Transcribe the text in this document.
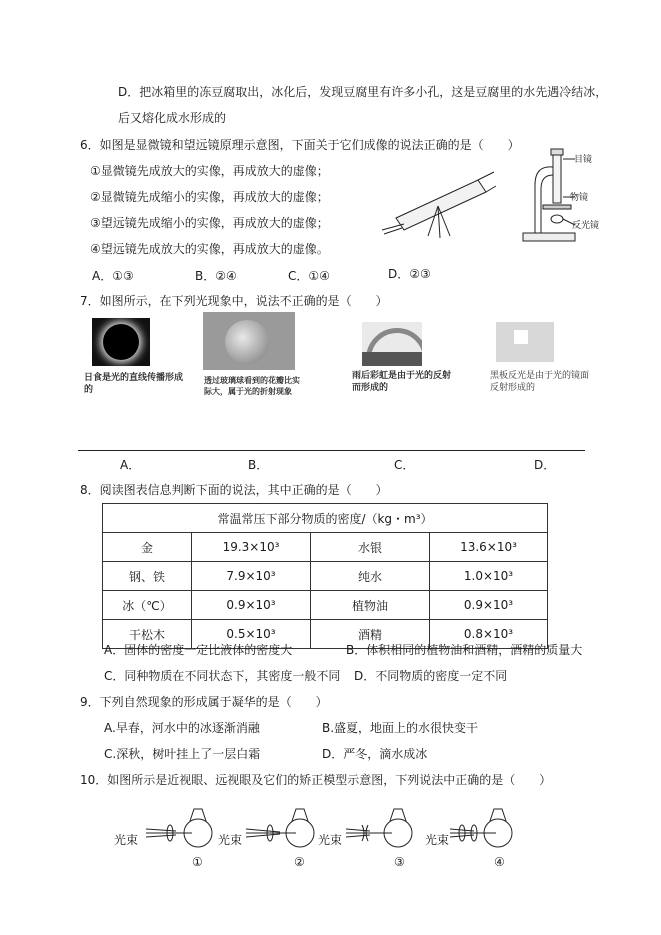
D．把冰箱里的冻豆腐取出，冰化后，发现豆腐里有许多小孔，这是豆腐里的水先遇冷结冰，
后又熔化成水形成的
6．如图是显微镜和望远镜原理示意图，下面关于它们成像的说法正确的是（　　）
①显微镜先成放大的实像，再成放大的虚像；
②显微镜先成缩小的实像，再成放大的虚像；
③望远镜先成缩小的实像，再成放大的虚像；
④望远镜先成放大的实像，再成放大的虚像。
目镜
物镜
反光镜
A．①③	B．②④	C．①④	D．②③
7．如图所示，在下列光现象中，说法不正确的是（　　）
日食是光的直线传播形成的
透过玻璃球看到的花瓣比实际大，属于光的折射现象
雨后彩虹是由于光的反射而形成的
黑板反光是由于光的镜面反射形成的
A．	B．	C．	D．
8．阅读图表信息判断下面的说法，其中正确的是（　　）
常温常压下部分物质的密度/（kg・m³）			
金	19.3×10³	水银	13.6×10³
钢、铁	7.9×10³	纯水	1.0×10³
冰（℃）	0.9×10³	植物油	0.9×10³
干松木	0.5×10³	酒精	0.8×10³
A．固体的密度一定比液体的密度大	B．体积相同的植物油和酒精，酒精的质量大
C．同种物质在不同状态下，其密度一般不同 D．不同物质的密度一定不同
9．下列自然现象的形成属于凝华的是（　　）
A.早春，河水中的冰逐渐消融	B.盛夏，地面上的水很快变干
C.深秋，树叶挂上了一层白霜	D．严冬，滴水成冰
10．如图所示是近视眼、远视眼及它们的矫正模型示意图，下列说法中正确的是（　　）
光束	光束	光束	光束
①	②	③	④
